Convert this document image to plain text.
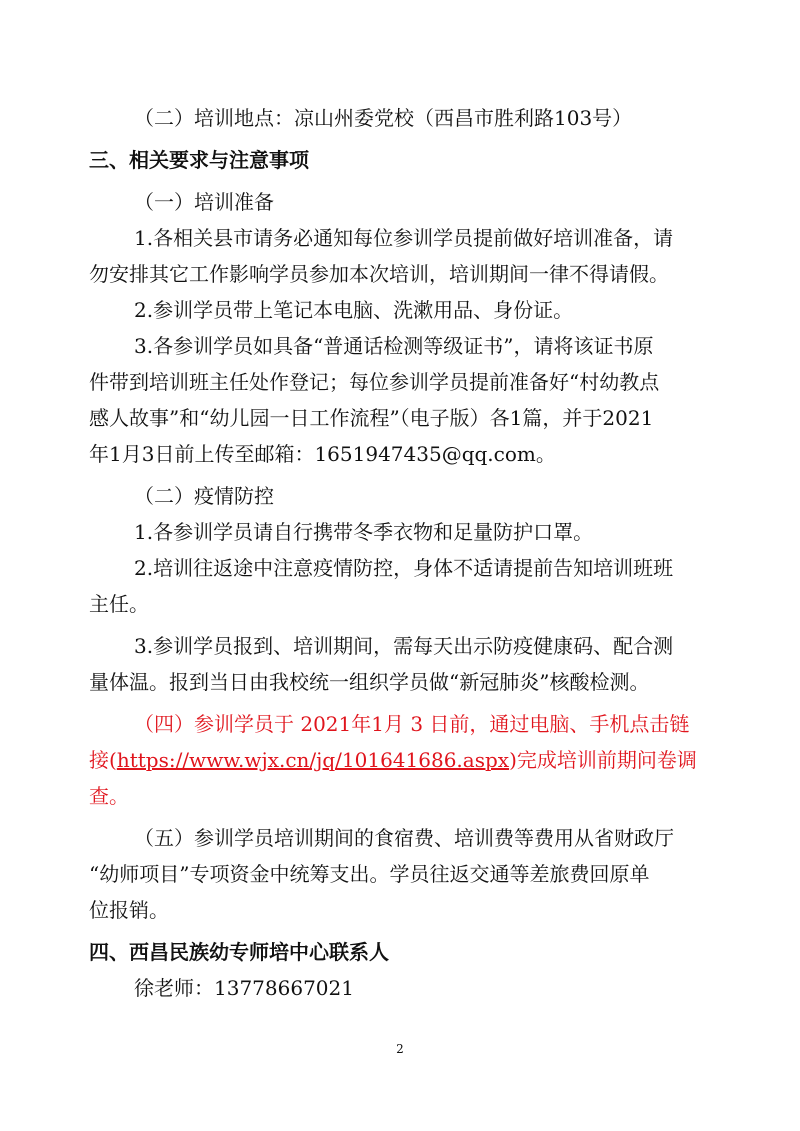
（二）培训地点：凉山州委党校（西昌市胜利路103号）
三、相关要求与注意事项
（一）培训准备
1.各相关县市请务必通知每位参训学员提前做好培训准备，请
勿安排其它工作影响学员参加本次培训，培训期间一律不得请假。
2.参训学员带上笔记本电脑、洗漱用品、身份证。
3.各参训学员如具备“普通话检测等级证书”，请将该证书原
件带到培训班主任处作登记；每位参训学员提前准备好“村幼教点
感人故事”和“幼儿园一日工作流程”（电子版）各1篇，并于2021
年1月3日前上传至邮箱：1651947435@qq.com。
（二）疫情防控
1.各参训学员请自行携带冬季衣物和足量防护口罩。
2.培训往返途中注意疫情防控，身体不适请提前告知培训班班
主任。
3.参训学员报到、培训期间，需每天出示防疫健康码、配合测
量体温。报到当日由我校统一组织学员做“新冠肺炎”核酸检测。
（四）参训学员于 2021年1月 3 日前，通过电脑、手机点击链
接(https://www.wjx.cn/jq/101641686.aspx)完成培训前期问卷调
查。
（五）参训学员培训期间的食宿费、培训费等费用从省财政厅
“幼师项目”专项资金中统筹支出。学员往返交通等差旅费回原单
位报销。
四、西昌民族幼专师培中心联系人
徐老师：13778667021
2
